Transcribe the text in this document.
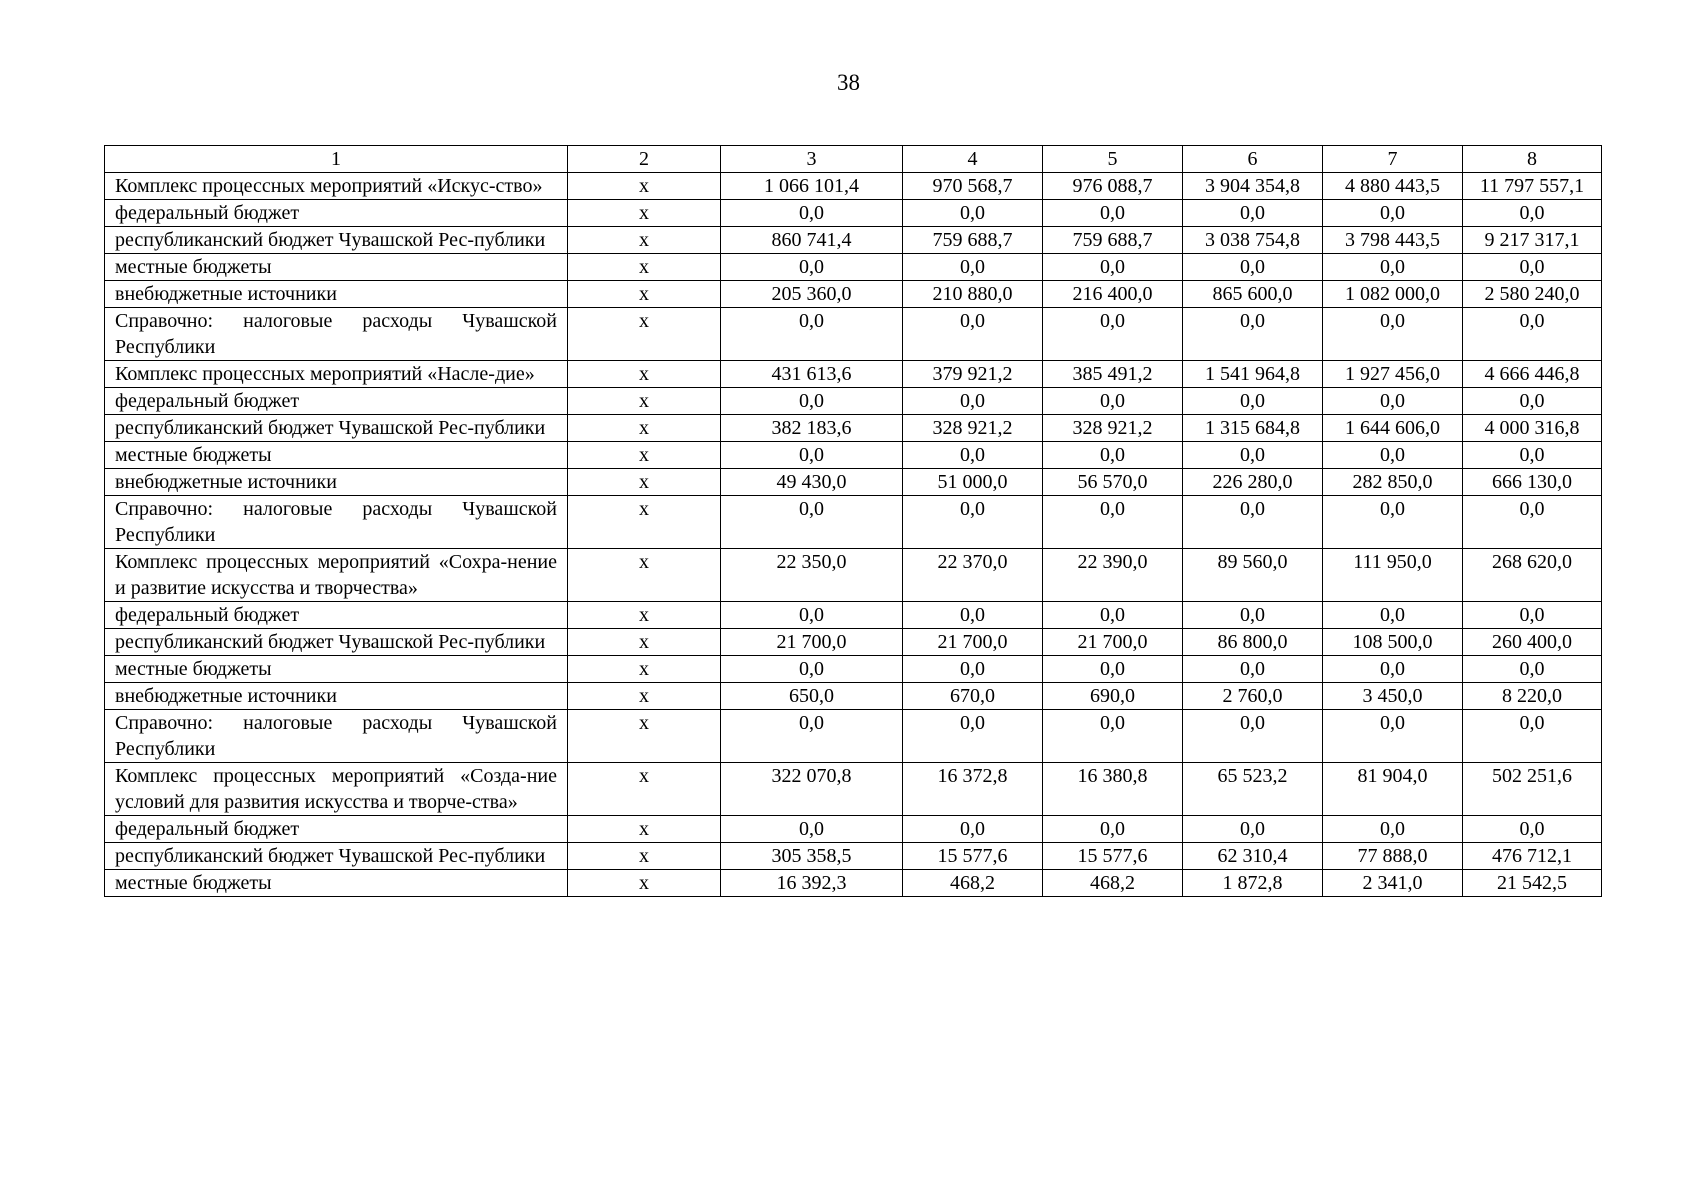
38
1	2	3	4	5	6	7	8
Комплекс процессных мероприятий «Искус-ство»	х	1 066 101,4	970 568,7	976 088,7	3 904 354,8	4 880 443,5	11 797 557,1
федеральный бюджет	х	0,0	0,0	0,0	0,0	0,0	0,0
республиканский бюджет Чувашской Рес-публики	х	860 741,4	759 688,7	759 688,7	3 038 754,8	3 798 443,5	9 217 317,1
местные бюджеты	х	0,0	0,0	0,0	0,0	0,0	0,0
внебюджетные источники	х	205 360,0	210 880,0	216 400,0	865 600,0	1 082 000,0	2 580 240,0
Справочно: налоговые расходы Чувашской Республики	х	0,0	0,0	0,0	0,0	0,0	0,0
Комплекс процессных мероприятий «Насле-дие»	х	431 613,6	379 921,2	385 491,2	1 541 964,8	1 927 456,0	4 666 446,8
федеральный бюджет	х	0,0	0,0	0,0	0,0	0,0	0,0
республиканский бюджет Чувашской Рес-публики	х	382 183,6	328 921,2	328 921,2	1 315 684,8	1 644 606,0	4 000 316,8
местные бюджеты	х	0,0	0,0	0,0	0,0	0,0	0,0
внебюджетные источники	х	49 430,0	51 000,0	56 570,0	226 280,0	282 850,0	666 130,0
Справочно: налоговые расходы Чувашской Республики	х	0,0	0,0	0,0	0,0	0,0	0,0
Комплекс процессных мероприятий «Сохра-нение и развитие искусства и творчества»	х	22 350,0	22 370,0	22 390,0	89 560,0	111 950,0	268 620,0
федеральный бюджет	х	0,0	0,0	0,0	0,0	0,0	0,0
республиканский бюджет Чувашской Рес-публики	х	21 700,0	21 700,0	21 700,0	86 800,0	108 500,0	260 400,0
местные бюджеты	х	0,0	0,0	0,0	0,0	0,0	0,0
внебюджетные источники	х	650,0	670,0	690,0	2 760,0	3 450,0	8 220,0
Справочно: налоговые расходы Чувашской Республики	х	0,0	0,0	0,0	0,0	0,0	0,0
Комплекс процессных мероприятий «Созда-ние условий для развития искусства и творче-ства»	х	322 070,8	16 372,8	16 380,8	65 523,2	81 904,0	502 251,6
федеральный бюджет	х	0,0	0,0	0,0	0,0	0,0	0,0
республиканский бюджет Чувашской Рес-публики	х	305 358,5	15 577,6	15 577,6	62 310,4	77 888,0	476 712,1
местные бюджеты	х	16 392,3	468,2	468,2	1 872,8	2 341,0	21 542,5
